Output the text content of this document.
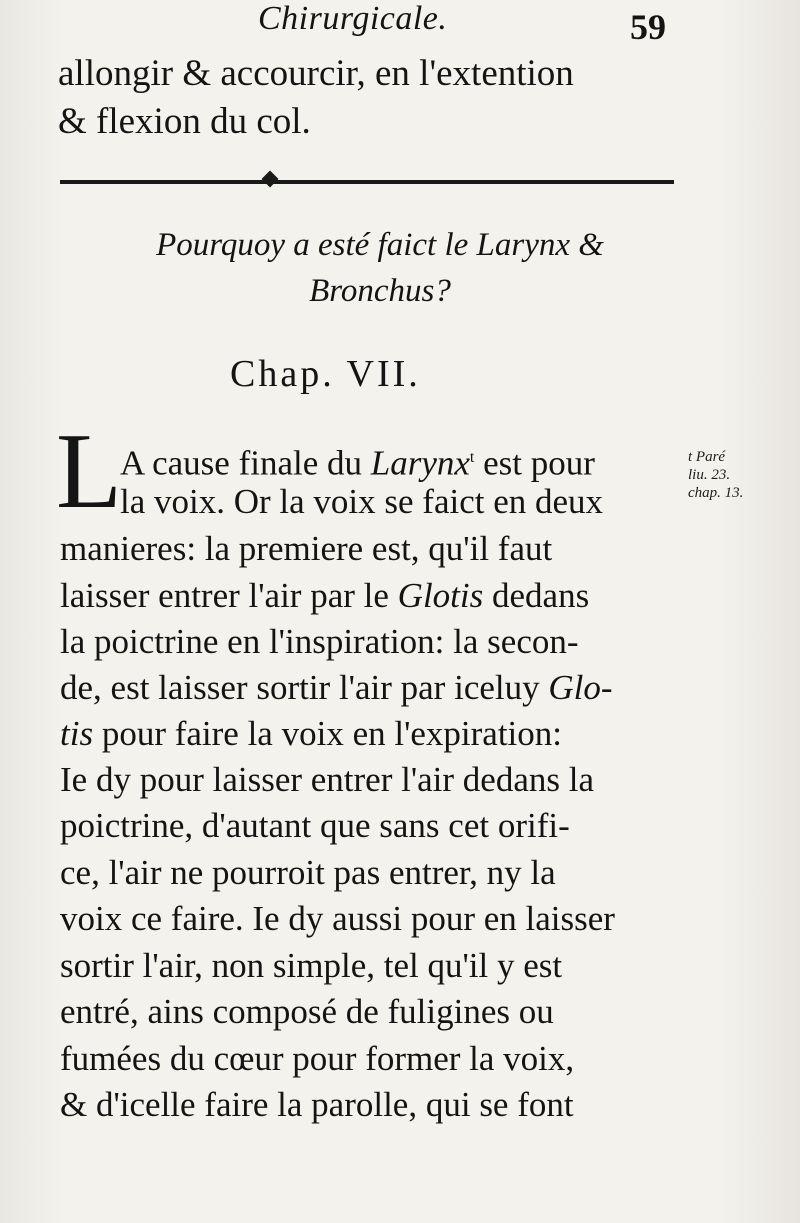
Chirurgicale.	59
allongir & accourcir, en l'extention
& flexion du col.
Pourquoy a esté faict le Larynx &
Bronchus?
Chap. VII.
L
A cause finale du Larynx$^t$ est pour
la voix. Or la voix se faict en deux
manieres: la premiere est, qu'il faut
laisser entrer l'air par le Glotis dedans
la poictrine en l'inspiration: la secon-
de, est laisser sortir l'air par iceluy Glo-
tis pour faire la voix en l'expiration:
Ie dy pour laisser entrer l'air dedans la
poictrine, d'autant que sans cet orifi-
ce, l'air ne pourroit pas entrer, ny la
voix ce faire. Ie dy aussi pour en laisser
sortir l'air, non simple, tel qu'il y est
entré, ains composé de fuligines ou
fumées du cœur pour former la voix,
& d'icelle faire la parolle, qui se font
t Paré
liu. 23.
chap. 13.
